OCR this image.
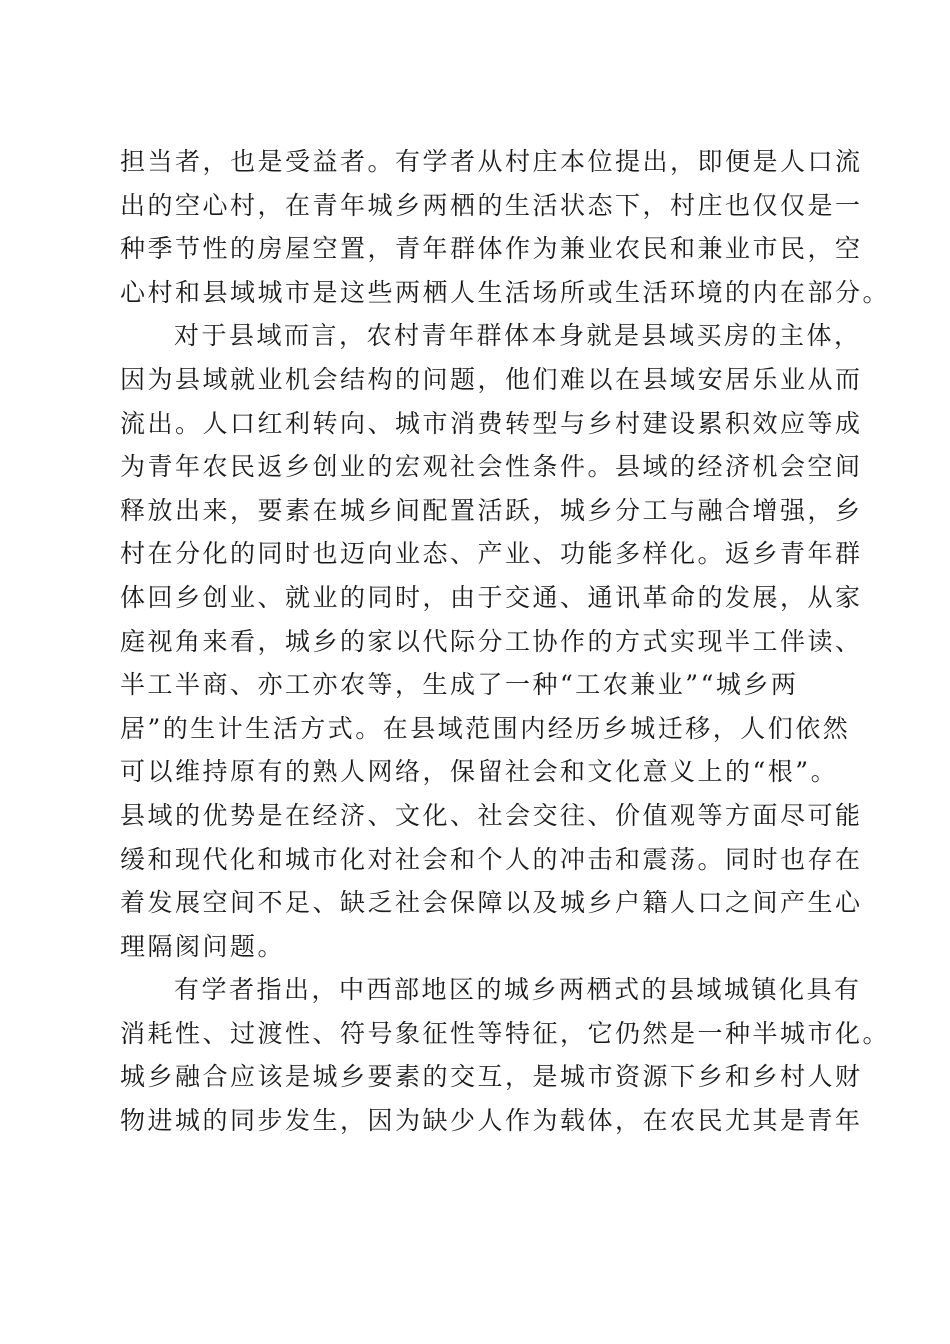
担当者，也是受益者。有学者从村庄本位提出，即便是人口流
出的空心村，在青年城乡两栖的生活状态下，村庄也仅仅是一
种季节性的房屋空置，青年群体作为兼业农民和兼业市民，空
心村和县域城市是这些两栖人生活场所或生活环境的内在部分。
对于县域而言，农村青年群体本身就是县域买房的主体，
因为县域就业机会结构的问题，他们难以在县域安居乐业从而
流出。人口红利转向、城市消费转型与乡村建设累积效应等成
为青年农民返乡创业的宏观社会性条件。县域的经济机会空间
释放出来，要素在城乡间配置活跃，城乡分工与融合增强，乡
村在分化的同时也迈向业态、产业、功能多样化。返乡青年群
体回乡创业、就业的同时，由于交通、通讯革命的发展，从家
庭视角来看，城乡的家以代际分工协作的方式实现半工伴读、
半工半商、亦工亦农等，生成了一种“工农兼业”“城乡两
居”的生计生活方式。在县域范围内经历乡城迁移，人们依然
可以维持原有的熟人网络，保留社会和文化意义上的“根”。
县域的优势是在经济、文化、社会交往、价值观等方面尽可能
缓和现代化和城市化对社会和个人的冲击和震荡。同时也存在
着发展空间不足、缺乏社会保障以及城乡户籍人口之间产生心
理隔阂问题。
有学者指出，中西部地区的城乡两栖式的县域城镇化具有
消耗性、过渡性、符号象征性等特征，它仍然是一种半城市化。
城乡融合应该是城乡要素的交互，是城市资源下乡和乡村人财
物进城的同步发生，因为缺少人作为载体，在农民尤其是青年
